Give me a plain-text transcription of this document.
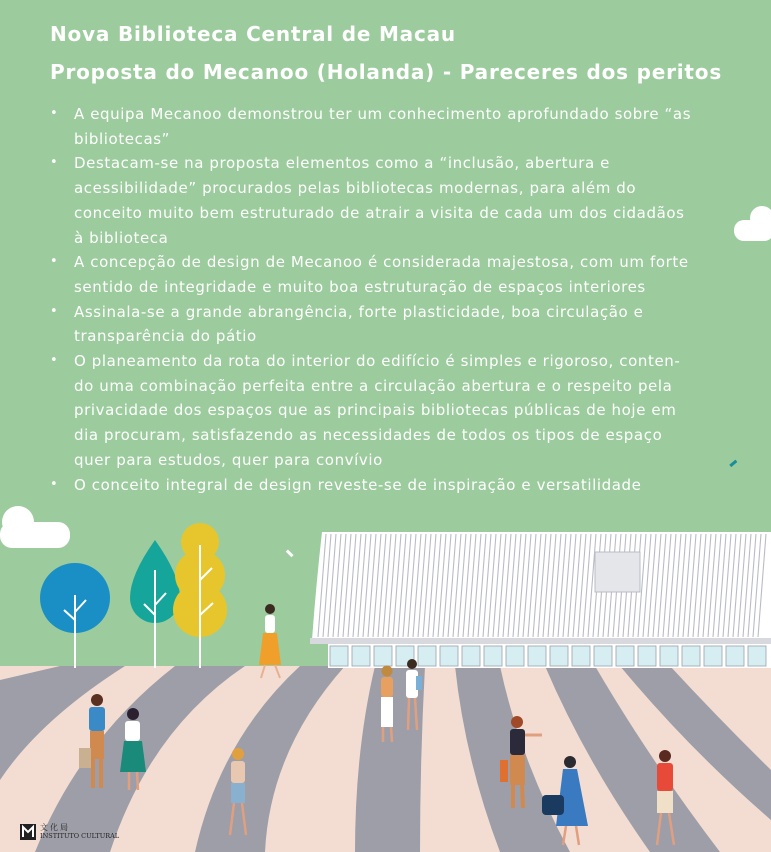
Nova Biblioteca Central de Macau
Proposta do Mecanoo (Holanda) - Pareceres dos peritos
• A equipa Mecanoo demonstrou ter um conhecimento aprofundado sobre “as
bibliotecas”
• Destacam-se na proposta elementos como a “inclusão, abertura e
acessibilidade” procurados pelas bibliotecas modernas, para além do
conceito muito bem estruturado de atrair a visita de cada um dos cidadãos
à biblioteca
• A concepção de design de Mecanoo é considerada majestosa, com um forte
sentido de integridade e muito boa estruturação de espaços interiores
• Assinala-se a grande abrangência, forte plasticidade, boa circulação e
transparência do pátio
• O planeamento da rota do interior do edifício é simples e rigoroso, conten-
do uma combinação perfeita entre a circulação abertura e o respeito pela
privacidade dos espaços que as principais bibliotecas públicas de hoje em
dia procuram, satisfazendo as necessidades de todos os tipos de espaço
quer para estudos, quer para convívio
• O conceito integral de design reveste-se de inspiração e versatilidade
文化局
INSTITUTO CULTURAL
